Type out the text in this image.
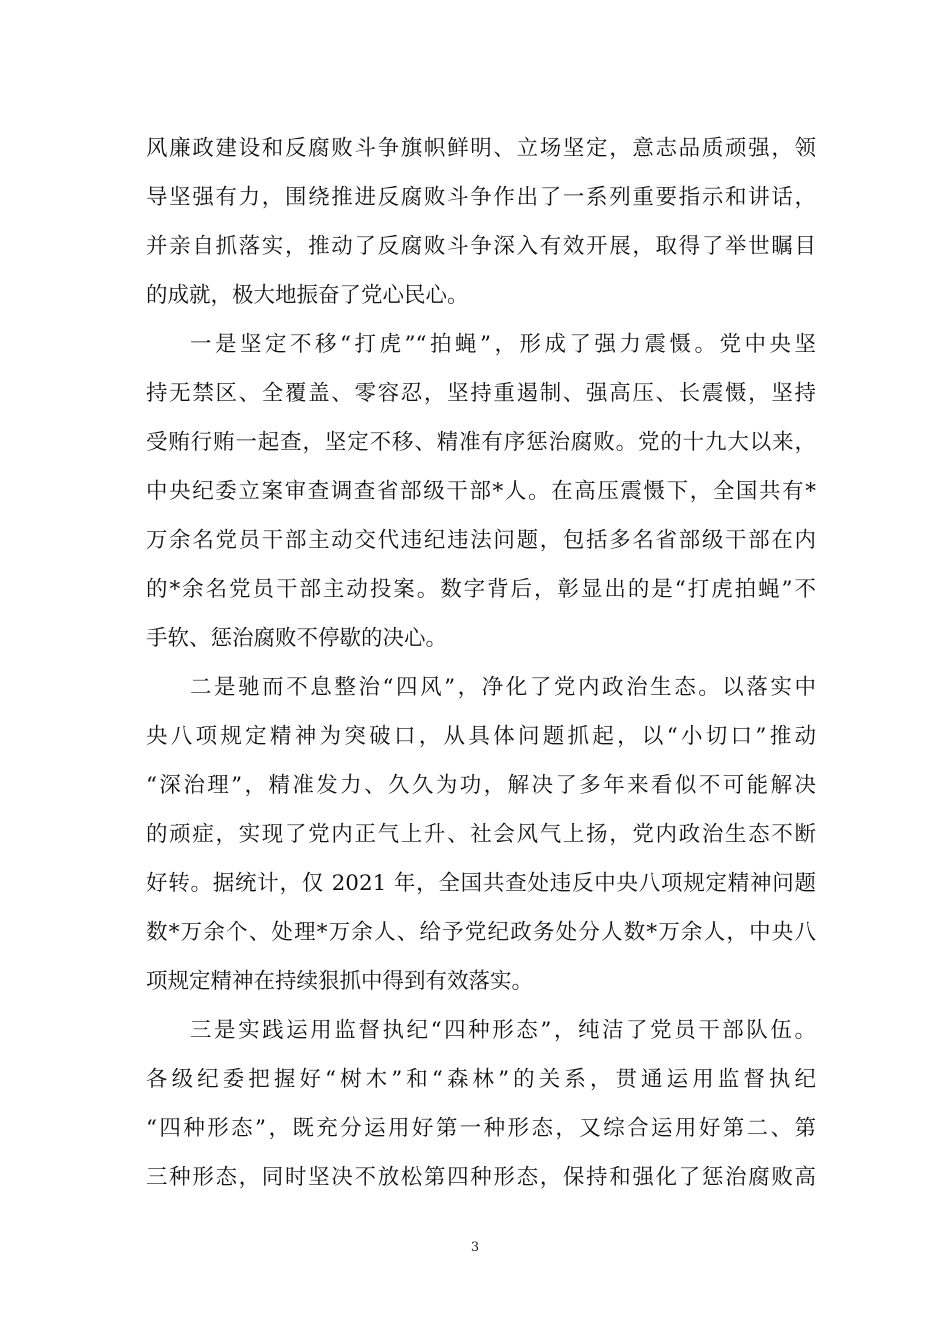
风廉政建设和反腐败斗争旗帜鲜明、立场坚定，意志品质顽强，领
导坚强有力，围绕推进反腐败斗争作出了一系列重要指示和讲话，
并亲自抓落实，推动了反腐败斗争深入有效开展，取得了举世瞩目
的成就，极大地振奋了党心民心。
一是坚定不移“打虎”“拍蝇”，形成了强力震慑。党中央坚
持无禁区、全覆盖、零容忍，坚持重遏制、强高压、长震慑，坚持
受贿行贿一起查，坚定不移、精准有序惩治腐败。党的十九大以来，
中央纪委立案审查调查省部级干部*人。在高压震慑下，全国共有*
万余名党员干部主动交代违纪违法问题，包括多名省部级干部在内
的*余名党员干部主动投案。数字背后，彰显出的是“打虎拍蝇”不
手软、惩治腐败不停歇的决心。
二是驰而不息整治“四风”，净化了党内政治生态。以落实中
央八项规定精神为突破口，从具体问题抓起，以“小切口”推动
“深治理”，精准发力、久久为功，解决了多年来看似不可能解决
的顽症，实现了党内正气上升、社会风气上扬，党内政治生态不断
好转。据统计，仅 2021 年，全国共查处违反中央八项规定精神问题
数*万余个、处理*万余人、给予党纪政务处分人数*万余人，中央八
项规定精神在持续狠抓中得到有效落实。
三是实践运用监督执纪“四种形态”，纯洁了党员干部队伍。
各级纪委把握好“树木”和“森林”的关系，贯通运用监督执纪
“四种形态”，既充分运用好第一种形态，又综合运用好第二、第
三种形态，同时坚决不放松第四种形态，保持和强化了惩治腐败高
3
